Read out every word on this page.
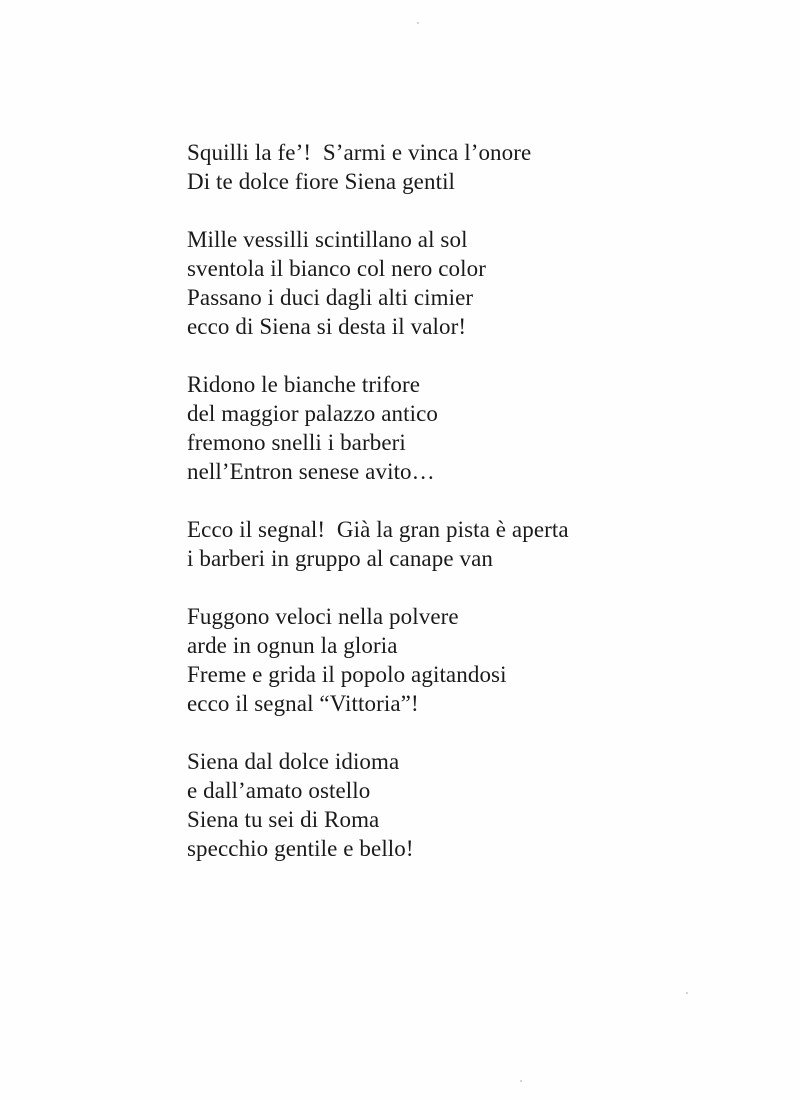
Squilli la fe’!  S’armi e vinca l’onore
Di te dolce fiore Siena gentil
Mille vessilli scintillano al sol
sventola il bianco col nero color
Passano i duci dagli alti cimier
ecco di Siena si desta il valor!
Ridono le bianche trifore
del maggior palazzo antico
fremono snelli i barberi
nell’Entron senese avito…
Ecco il segnal!  Già la gran pista è aperta
i barberi in gruppo al canape van
Fuggono veloci nella polvere
arde in ognun la gloria
Freme e grida il popolo agitandosi
ecco il segnal “Vittoria”!
Siena dal dolce idioma
e dall’amato ostello
Siena tu sei di Roma
specchio gentile e bello!
